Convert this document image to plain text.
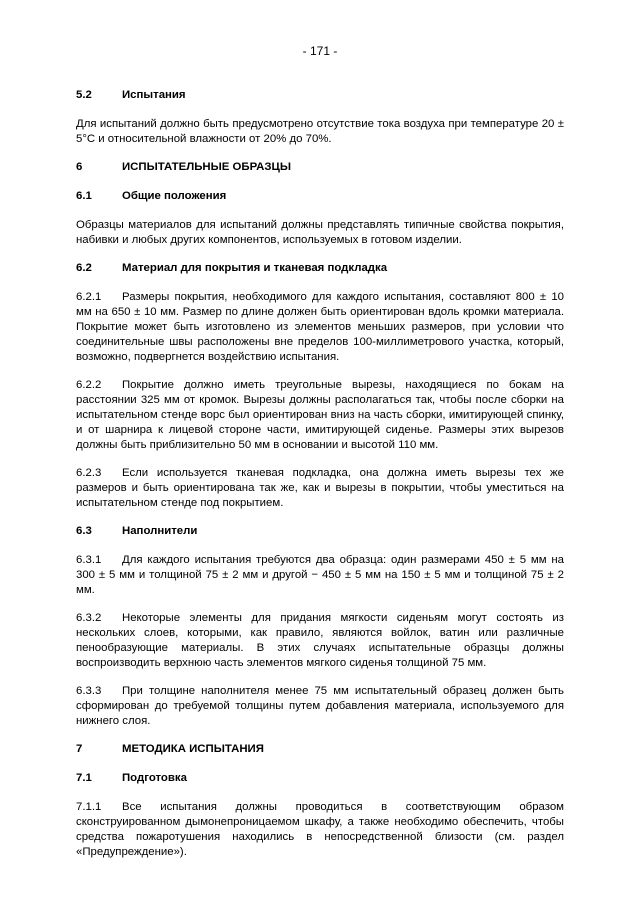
- 171 -
5.2	Испытания

Для испытаний должно быть предусмотрено отсутствие тока воздуха при температуре 20 ± 5°C и относительной влажности от 20% до 70%.

6	ИСПЫТАТЕЛЬНЫЕ ОБРАЗЦЫ
6.1	Общие положения

Образцы материалов для испытаний должны представлять типичные свойства покрытия, набивки и любых других компонентов, используемых в готовом изделии.

6.2	Материал для покрытия и тканевая подкладка

6.2.1 Размеры покрытия, необходимого для каждого испытания, составляют 800 ± 10 мм на 650 ± 10 мм. Размер по длине должен быть ориентирован вдоль кромки материала. Покрытие может быть изготовлено из элементов меньших размеров, при условии что соединительные швы расположены вне пределов 100-миллиметрового участка, который, возможно, подвергнется воздействию испытания.

6.2.2 Покрытие должно иметь треугольные вырезы, находящиеся по бокам на расстоянии 325 мм от кромок. Вырезы должны располагаться так, чтобы после сборки на испытательном стенде ворс был ориентирован вниз на часть сборки, имитирующей спинку, и от шарнира к лицевой стороне части, имитирующей сиденье. Размеры этих вырезов должны быть приблизительно 50 мм в основании и высотой 110 мм.

6.2.3 Если используется тканевая подкладка, она должна иметь вырезы тех же размеров и быть ориентирована так же, как и вырезы в покрытии, чтобы уместиться на испытательном стенде под покрытием.

6.3	Наполнители

6.3.1 Для каждого испытания требуются два образца: один размерами 450 ± 5 мм на 300 ± 5 мм и толщиной 75 ± 2 мм и другой − 450 ± 5 мм на 150 ± 5 мм и толщиной 75 ± 2 мм.

6.3.2 Некоторые элементы для придания мягкости сиденьям могут состоять из нескольких слоев, которыми, как правило, являются войлок, ватин или различные пенообразующие материалы. В этих случаях испытательные образцы должны воспроизводить верхнюю часть элементов мягкого сиденья толщиной 75 мм.

6.3.3 При толщине наполнителя менее 75 мм испытательный образец должен быть сформирован до требуемой толщины путем добавления материала, используемого для нижнего слоя.

7	МЕТОДИКА ИСПЫТАНИЯ
7.1	Подготовка

7.1.1 Все испытания должны проводиться в соответствующим образом сконструированном дымонепроницаемом шкафу, а также необходимо обеспечить, чтобы средства пожаротушения находились в непосредственной близости (см. раздел «Предупреждение»).
